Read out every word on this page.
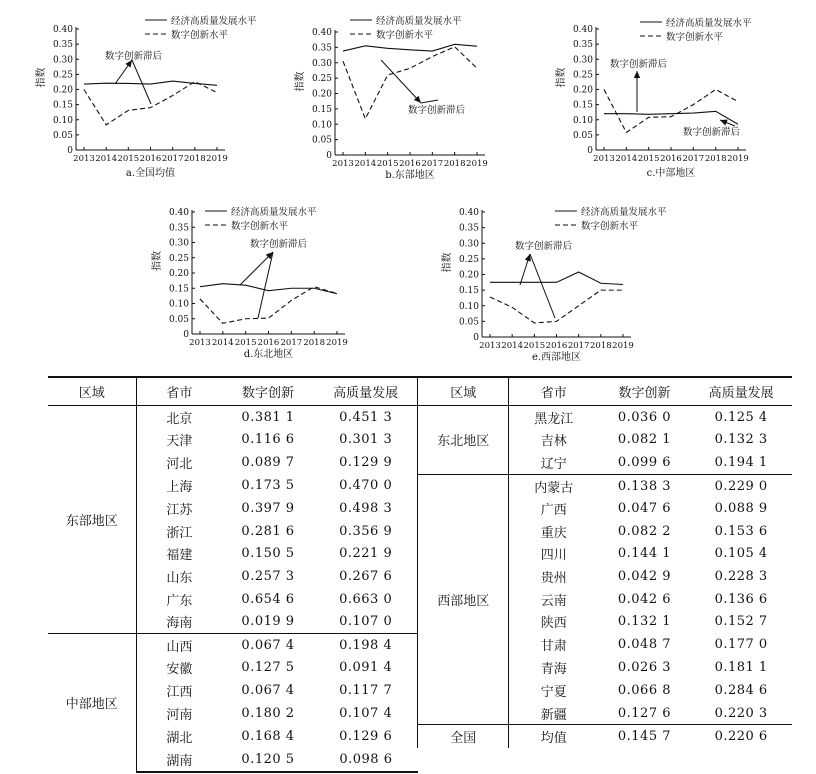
0
0.05
0.10
0.15
0.20
0.25
0.30
0.35
0.40
2013 2014 2015 2016 2017 2018 2019
指数
a.全国均值
经济高质量发展水平
数字创新水平
数字创新滞后
0
0.05
0.10
0.15
0.20
0.25
0.30
0.35
0.40
2013 2014 2015 2016 2017 2018 2019
指数
b.东部地区
经济高质量发展水平
数字创新水平
数字创新滞后
0
0.05
0.10
0.15
0.20
0.25
0.30
0.35
0.40
2013 2014 2015 2016 2017 2018 2019
指数
c.中部地区
经济高质量发展水平
数字创新水平
数字创新滞后
数字创新滞后
0
0.05
0.10
0.15
0.20
0.25
0.30
0.35
0.40
2013 2014 2015 2016 2017 2018 2019
指数
d.东北地区
经济高质量发展水平
数字创新水平
数字创新滞后
0
0.05
0.10
0.15
0.20
0.25
0.30
0.35
0.40
2013 2014 2015 2016 2017 2018 2019
指数
e.西部地区
经济高质量发展水平
数字创新水平
数字创新滞后
区域	省市	数字创新	高质量发展	区域	省市	数字创新	高质量发展
东部地区	北京	0.381 1	0.451 3	东北地区	黑龙江	0.036 0	0.125 4
	天津	0.116 6	0.301 3		吉林	0.082 1	0.132 3
	河北	0.089 7	0.129 9		辽宁	0.099 6	0.194 1
	上海	0.173 5	0.470 0	西部地区	内蒙古	0.138 3	0.229 0
	江苏	0.397 9	0.498 3		广西	0.047 6	0.088 9
	浙江	0.281 6	0.356 9		重庆	0.082 2	0.153 6
	福建	0.150 5	0.221 9		四川	0.144 1	0.105 4
	山东	0.257 3	0.267 6		贵州	0.042 9	0.228 3
	广东	0.654 6	0.663 0		云南	0.042 6	0.136 6
	海南	0.019 9	0.107 0		陕西	0.132 1	0.152 7
中部地区	山西	0.067 4	0.198 4		甘肃	0.048 7	0.177 0
	安徽	0.127 5	0.091 4		青海	0.026 3	0.181 1
	江西	0.067 4	0.117 7		宁夏	0.066 8	0.284 6
	河南	0.180 2	0.107 4		新疆	0.127 6	0.220 3
	湖北	0.168 4	0.129 6	全国	均值	0.145 7	0.220 6
	湖南	0.120 5	0.098 6				
